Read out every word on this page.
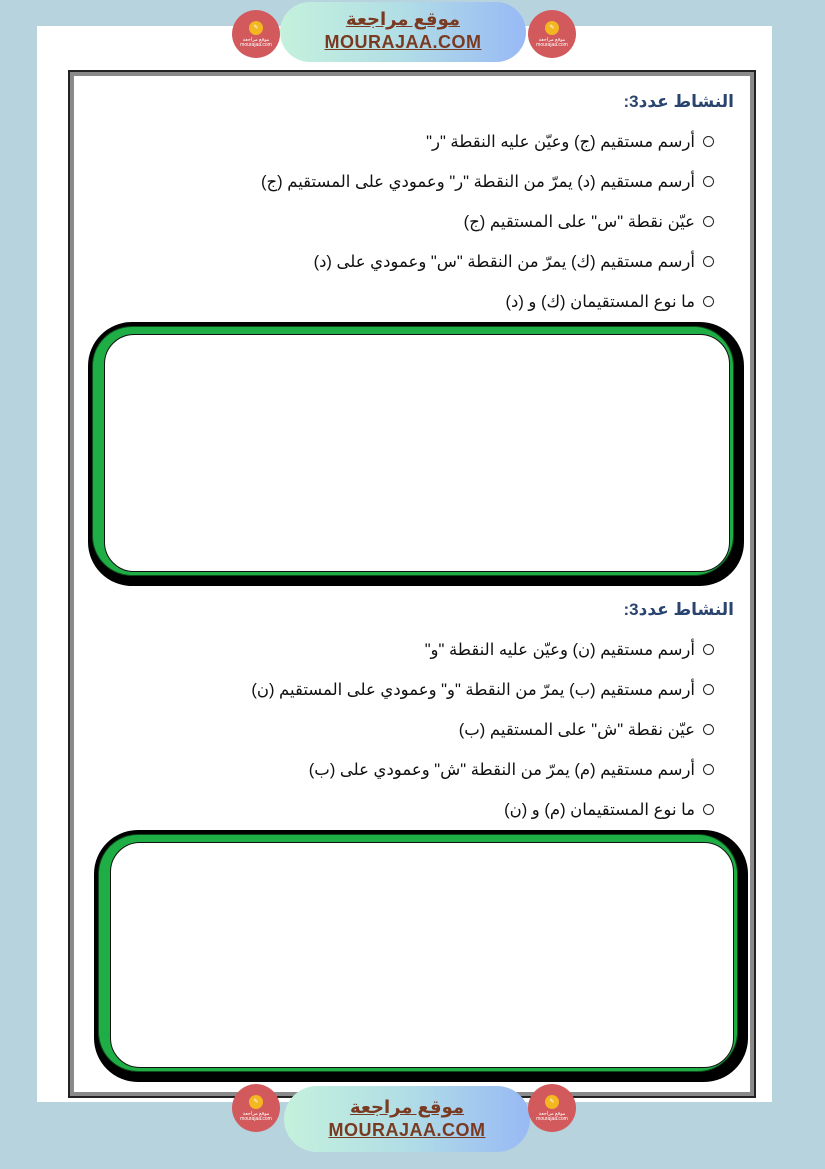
✎
موقع مراجعة mourajaa.com
موقع مراجعة
MOURAJAA.COM
✎
موقع مراجعة mourajaa.com
النشاط عدد3:
أرسم مستقيم (ج) وعيّن عليه النقطة "ر"
أرسم مستقيم (د) يمرّ من النقطة "ر" وعمودي على المستقيم (ج)
عيّن نقطة "س" على المستقيم (ج)
أرسم مستقيم (ك) يمرّ من النقطة "س" وعمودي على (د)
ما نوع المستقيمان (ك) و (د)
النشاط عدد3:
أرسم مستقيم (ن) وعيّن عليه النقطة "و"
أرسم مستقيم (ب) يمرّ من النقطة "و" وعمودي على المستقيم (ن)
عيّن نقطة "ش" على المستقيم (ب)
أرسم مستقيم (م) يمرّ من النقطة "ش" وعمودي على (ب)
ما نوع المستقيمان (م) و (ن)
✎
موقع مراجعة mourajaa.com
موقع مراجعة
MOURAJAA.COM
✎
موقع مراجعة mourajaa.com
